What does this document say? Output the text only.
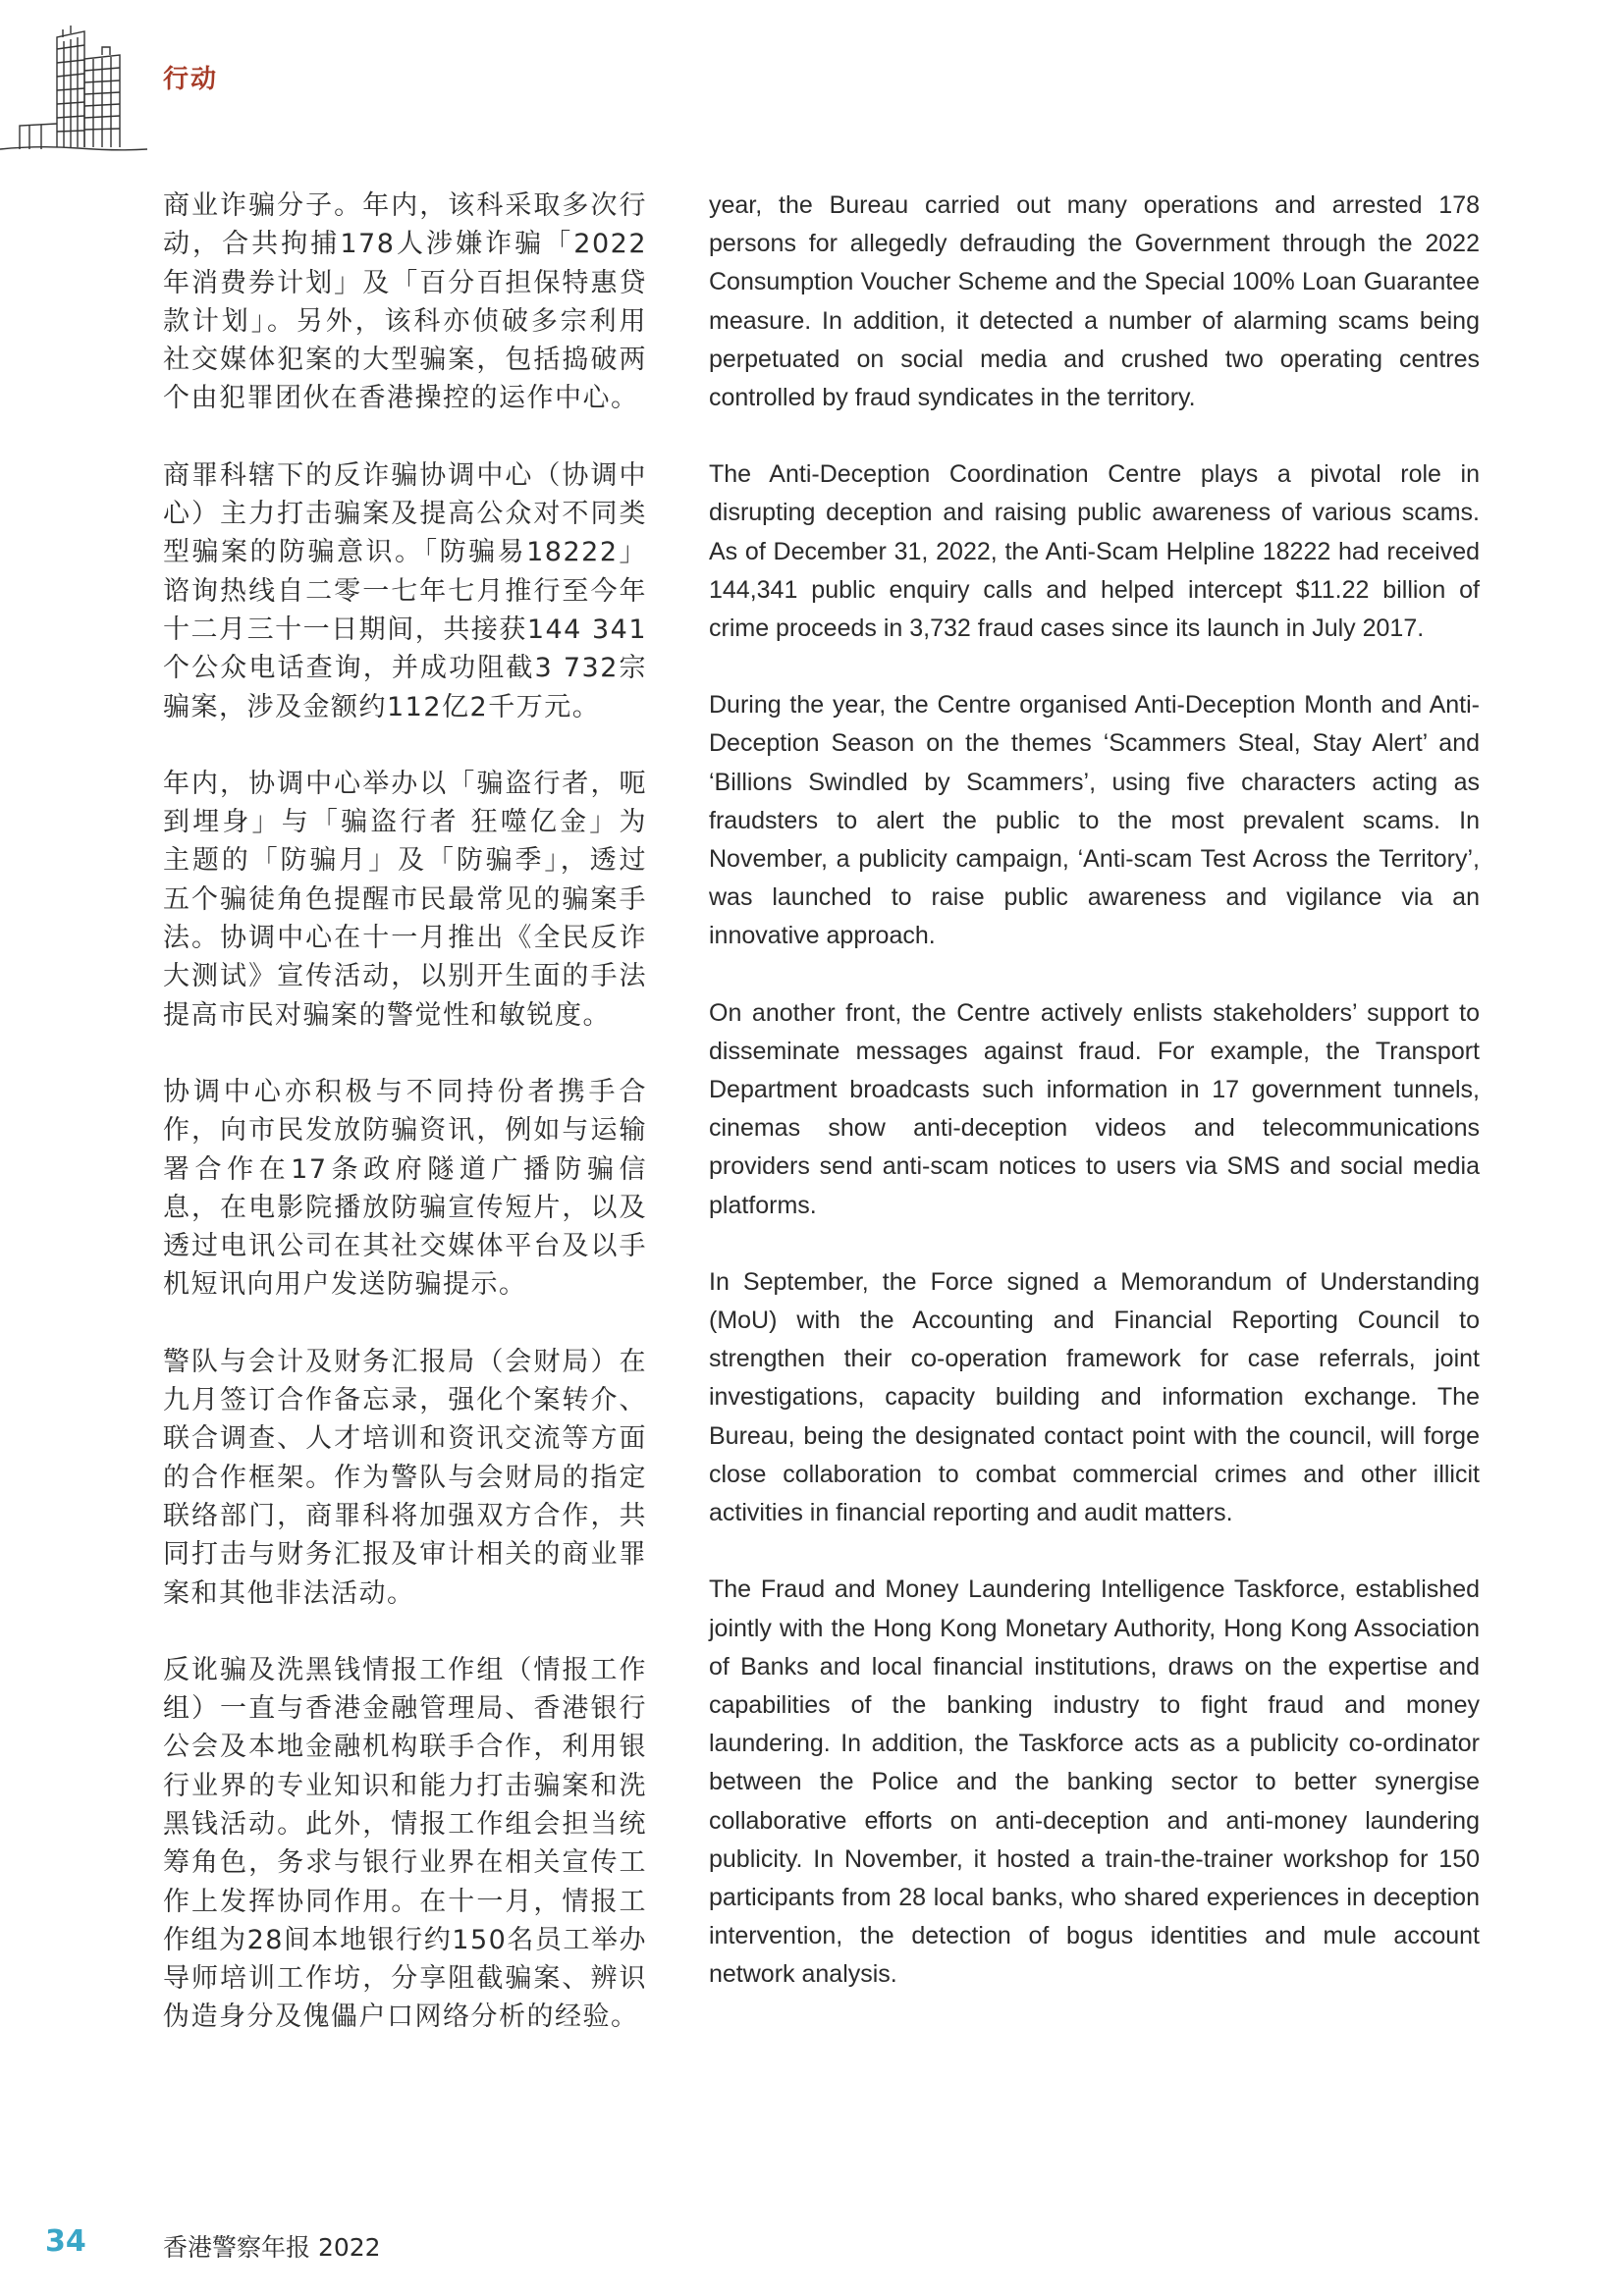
行动

商业诈骗分子。年内，该科采取多次行动，合共拘捕178人涉嫌诈骗「2022年消费券计划」及「百分百担保特惠贷款计划」。另外，该科亦侦破多宗利用社交媒体犯案的大型骗案，包括捣破两个由犯罪团伙在香港操控的运作中心。

商罪科辖下的反诈骗协调中心（协调中心）主力打击骗案及提高公众对不同类型骗案的防骗意识。「防骗易18222」谘询热线自二零一七年七月推行至今年十二月三十一日期间，共接获144 341个公众电话查询，并成功阻截3 732宗骗案，涉及金额约112亿2千万元。

年内，协调中心举办以「骗盗行者，呃到埋身」与「骗盗行者 狂噬亿金」为主题的「防骗月」及「防骗季」，透过五个骗徒角色提醒市民最常见的骗案手法。协调中心在十一月推出《全民反诈大测试》宣传活动，以别开生面的手法提高市民对骗案的警觉性和敏锐度。

协调中心亦积极与不同持份者携手合作，向市民发放防骗资讯，例如与运输署合作在17条政府隧道广播防骗信息，在电影院播放防骗宣传短片，以及透过电讯公司在其社交媒体平台及以手机短讯向用户发送防骗提示。

警队与会计及财务汇报局（会财局）在九月签订合作备忘录，强化个案转介、联合调查、人才培训和资讯交流等方面的合作框架。作为警队与会财局的指定联络部门，商罪科将加强双方合作，共同打击与财务汇报及审计相关的商业罪案和其他非法活动。

反讹骗及洗黑钱情报工作组（情报工作组）一直与香港金融管理局、香港银行公会及本地金融机构联手合作，利用银行业界的专业知识和能力打击骗案和洗黑钱活动。此外，情报工作组会担当统筹角色，务求与银行业界在相关宣传工作上发挥协同作用。在十一月，情报工作组为28间本地银行约150名员工举办导师培训工作坊，分享阻截骗案、辨识伪造身分及傀儡户口网络分析的经验。

year, the Bureau carried out many operations and arrested 178 persons for allegedly defrauding the Government through the 2022 Consumption Voucher Scheme and the Special 100% Loan Guarantee measure. In addition, it detected a number of alarming scams being perpetuated on social media and crushed two operating centres controlled by fraud syndicates in the territory.

The Anti-Deception Coordination Centre plays a pivotal role in disrupting deception and raising public awareness of various scams. As of December 31, 2022, the Anti-Scam Helpline 18222 had received 144,341 public enquiry calls and helped intercept $11.22 billion of crime proceeds in 3,732 fraud cases since its launch in July 2017.

During the year, the Centre organised Anti-Deception Month and Anti-Deception Season on the themes ‘Scammers Steal, Stay Alert’ and ‘Billions Swindled by Scammers’, using five characters acting as fraudsters to alert the public to the most prevalent scams. In November, a publicity campaign, ‘Anti-scam Test Across the Territory’, was launched to raise public awareness and vigilance via an innovative approach.

On another front, the Centre actively enlists stakeholders’ support to disseminate messages against fraud. For example, the Transport Department broadcasts such information in 17 government tunnels, cinemas show anti-deception videos and telecommunications providers send anti-scam notices to users via SMS and social media platforms.

In September, the Force signed a Memorandum of Understanding (MoU) with the Accounting and Financial Reporting Council to strengthen their co-operation framework for case referrals, joint investigations, capacity building and information exchange. The Bureau, being the designated contact point with the council, will forge close collaboration to combat commercial crimes and other illicit activities in financial reporting and audit matters.

The Fraud and Money Laundering Intelligence Taskforce, established jointly with the Hong Kong Monetary Authority, Hong Kong Association of Banks and local financial institutions, draws on the expertise and capabilities of the banking industry to fight fraud and money laundering. In addition, the Taskforce acts as a publicity co-ordinator between the Police and the banking sector to better synergise collaborative efforts on anti-deception and anti-money laundering publicity. In November, it hosted a train-the-trainer workshop for 150 participants from 28 local banks, who shared experiences in deception intervention, the detection of bogus identities and mule account network analysis.

34	香港警察年报 2022
